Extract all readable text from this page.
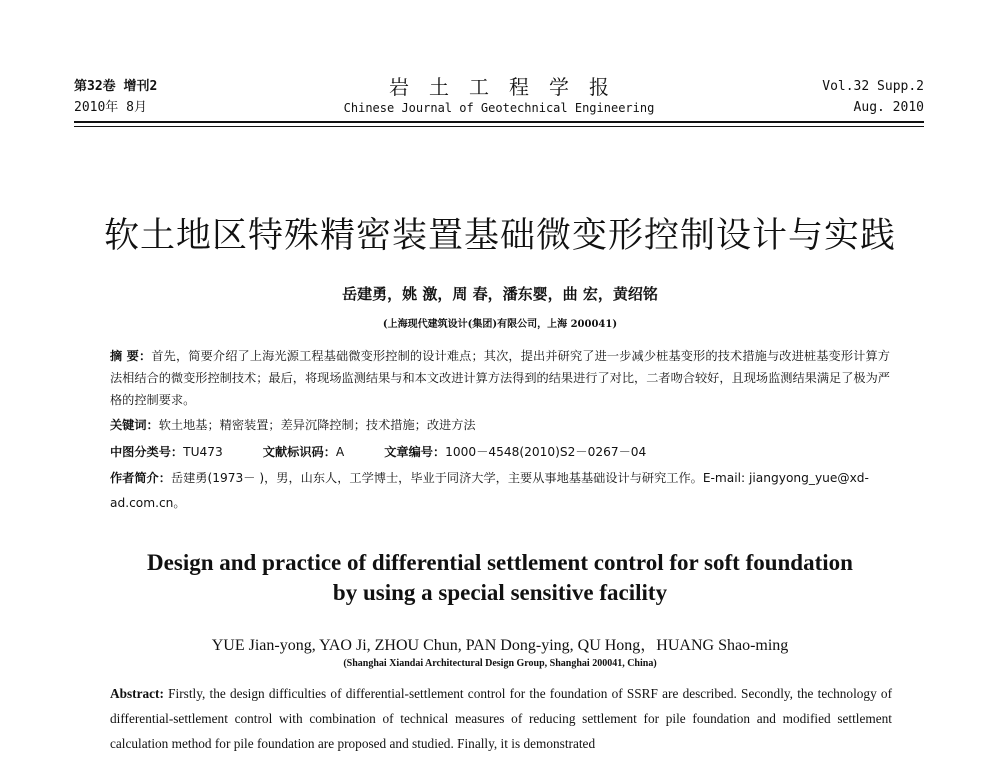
第32卷 增刊2
2010年 8月
岩土工程学报
Chinese Journal of Geotechnical Engineering
Vol.32 Supp.2
Aug. 2010
软土地区特殊精密装置基础微变形控制设计与实践
岳建勇，姚 激，周 春，潘东婴，曲 宏，黄绍铭
(上海现代建筑设计(集团)有限公司，上海 200041)
摘 要：首先，简要介绍了上海光源工程基础微变形控制的设计难点；其次，提出并研究了进一步减少桩基变形的技术措施与改进桩基变形计算方法相结合的微变形控制技术；最后，将现场监测结果与和本文改进计算方法得到的结果进行了对比，二者吻合较好，且现场监测结果满足了极为严格的控制要求。
关键词：软土地基；精密装置；差异沉降控制；技术措施；改进方法
中图分类号：TU473	文献标识码：A	文章编号：1000－4548(2010)S2－0267－04
作者简介：岳建勇(1973－ )，男，山东人，工学博士，毕业于同济大学，主要从事地基基础设计与研究工作。E-mail: jiangyong_yue@xd-ad.com.cn。
Design and practice of differential settlement control for soft foundation
by using a special sensitive facility
YUE Jian-yong, YAO Ji, ZHOU Chun, PAN Dong-ying, QU Hong，HUANG Shao-ming
(Shanghai Xiandai Architectural Design Group, Shanghai 200041, China)
Abstract: Firstly, the design difficulties of differential-settlement control for the foundation of SSRF are described. Secondly, the technology of differential-settlement control with combination of technical measures of reducing settlement for pile foundation and modified settlement calculation method for pile foundation are proposed and studied. Finally, it is demonstrated
